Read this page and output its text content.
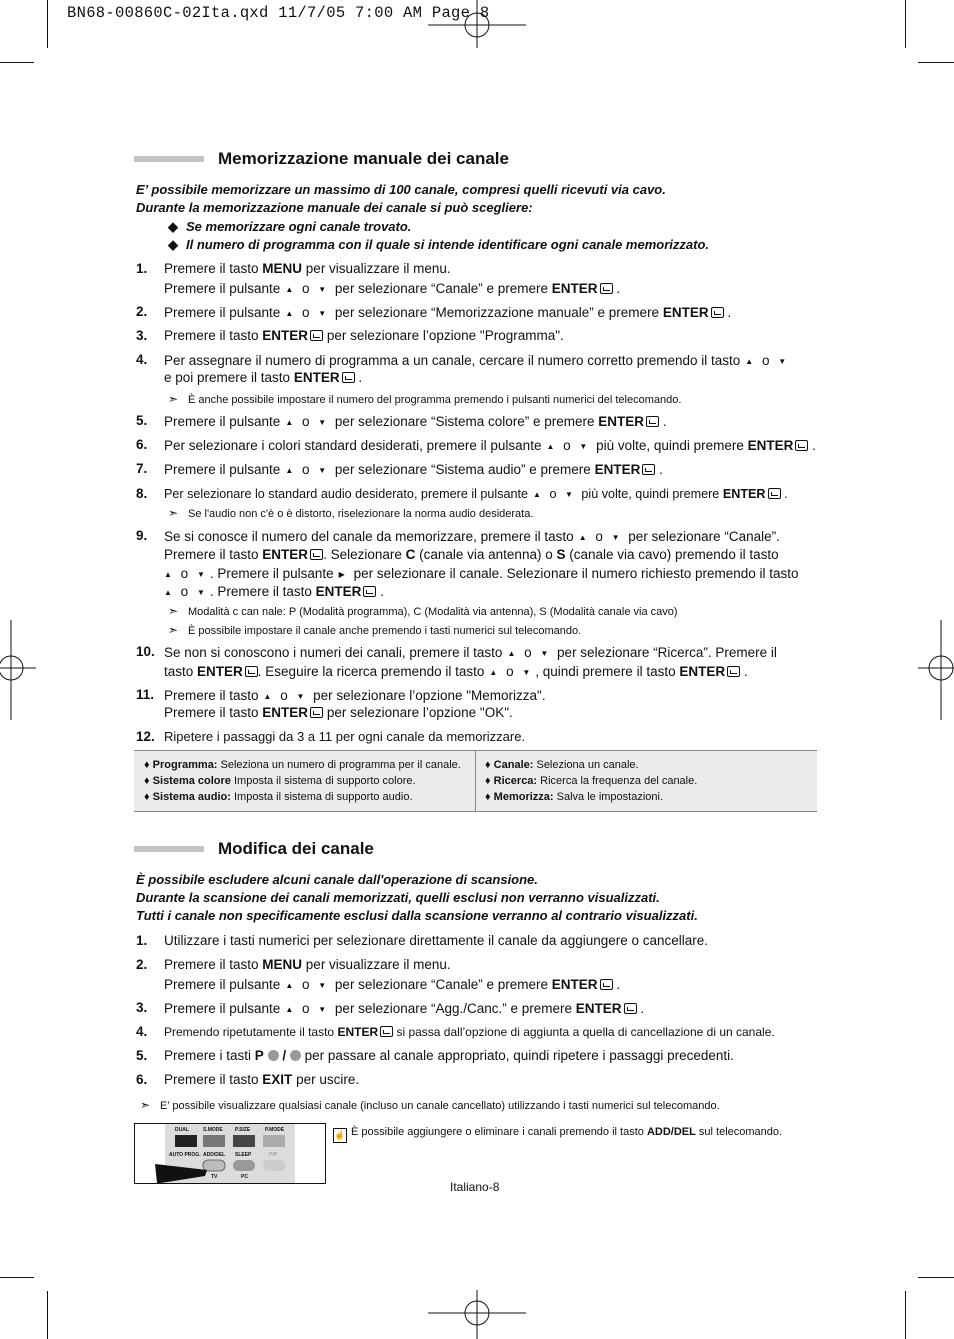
BN68-00860C-02Ita.qxd 11/7/05 7:00 AM Page 8
Memorizzazione manuale dei canale
E’ possibile memorizzare un massimo di 100 canale, compresi quelli ricevuti via cavo.
Durante la memorizzazione manuale dei canale si può scegliere:
◆ Se memorizzare ogni canale trovato.
◆ Il numero di programma con il quale si intende identificare ogni canale memorizzato.
1. Premere il tasto MENU per visualizzare il menu.
Premere il pulsante▲ o ▼ per selezionare “Canale” e premere ENTER .
2. Premere il pulsante▲ o ▼ per selezionare “Memorizzazione manuale” e premere ENTER .
3. Premere il tasto ENTER per selezionare l’opzione "Programma".
4. Per assegnare il numero di programma a un canale, cercare il numero corretto premendo il tasto▲ o ▼
e poi premere il tasto ENTER .
➣ È anche possibile impostare il numero del programma premendo i pulsanti numerici del telecomando.
5. Premere il pulsante▲ o ▼ per selezionare “Sistema colore” e premere ENTER .
6. Per selezionare i colori standard desiderati, premere il pulsante▲ o ▼ più volte, quindi premere ENTER .
7. Premere il pulsante▲ o ▼ per selezionare “Sistema audio” e premere ENTER .
8. Per selezionare lo standard audio desiderato, premere il pulsante▲ o ▼ più volte, quindi premere ENTER .
➣ Se l'audio non c'è o è distorto, riselezionare la norma audio desiderata.
9. Se si conosce il numero del canale da memorizzare, premere il tasto▲ o ▼ per selezionare “Canale”.
Premere il tasto ENTER . Selezionare C (canale via antenna) o S (canale via cavo) premendo il tasto
▲ o ▼. Premere il pulsante▶ per selezionare il canale. Selezionare il numero richiesto premendo il tasto
▲ o ▼. Premere il tasto ENTER .
➣ Modalità c can nale: P (Modalità programma), C (Modalità via antenna), S (Modalità canale via cavo)
➣ È possibile impostare il canale anche premendo i tasti numerici sul telecomando.
10. Se non si conoscono i numeri dei canali, premere il tasto▲ o ▼ per selezionare “Ricerca”. Premere il
tasto ENTER . Eseguire la ricerca premendo il tasto▲ o ▼, quindi premere il tasto ENTER .
11. Premere il tasto▲ o ▼ per selezionare l’opzione "Memorizza".
Premere il tasto ENTER per selezionare l’opzione "OK".
12. Ripetere i passaggi da 3 a 11 per ogni canale da memorizzare.
♦ Programma: Seleziona un numero di programma per il canale.
♦ Sistema colore Imposta il sistema di supporto colore.
♦ Sistema audio: Imposta il sistema di supporto audio.
♦ Canale: Seleziona un canale.
♦ Ricerca: Ricerca la frequenza del canale.
♦ Memorizza: Salva le impostazioni.
Modifica dei canale
È possibile escludere alcuni canale dall'operazione di scansione.
Durante la scansione dei canali memorizzati, quelli esclusi non verranno visualizzati.
Tutti i canale non specificamente esclusi dalla scansione verranno al contrario visualizzati.
1. Utilizzare i tasti numerici per selezionare direttamente il canale da aggiungere o cancellare.
2. Premere il tasto MENU per visualizzare il menu.
Premere il pulsante▲ o ▼ per selezionare “Canale” e premere ENTER .
3. Premere il pulsante▲ o ▼ per selezionare “Agg./Canc.” e premere ENTER .
4. Premendo ripetutamente il tasto ENTER si passa dall’opzione di aggiunta a quella di cancellazione di un canale.
5. Premere i tasti P /  per passare al canale appropriato, quindi ripetere i passaggi precedenti.
6. Premere il tasto EXIT per uscire.
➣ E’ possibile visualizzare qualsiasi canale (incluso un canale cancellato) utilizzando i tasti numerici sul telecomando.
DUAL	S.MODE P.SIZE	P.MODE
AUTO PROG. ADD/DEL SLEEP	PIP
TV	PC
☝ È possibile aggiungere o eliminare i canali premendo il tasto ADD/DEL sul telecomando.
Italiano-8
